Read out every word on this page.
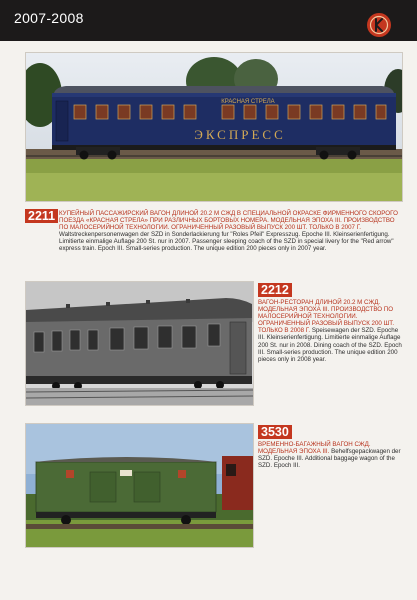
2007-2008
КРАСНАЯ СТРЕЛА
ЭКСПРЕСС
2211 КУПЕЙНЫЙ ПАССАЖИРСКИЙ ВАГОН ДЛИНОЙ 20.2 М СЖД В СПЕЦИАЛЬНОЙ ОКРАСКЕ ФИРМЕННОГО СКОРОГО ПОЕЗДА «КРАСНАЯ СТРЕЛА» ПРИ РАЗЛИЧНЫХ БОРТОВЫХ НОМЕРА. МОДЕЛЬНАЯ ЭПОХА III. ПРОИЗВОДСТВО ПО МАЛОСЕРИЙНОЙ ТЕХНОЛОГИИ. ОГРАНИЧЕННЫЙ РАЗОВЫЙ ВЫПУСК 200 ШТ. ТОЛЬКО В 2007 Г. Waltstreckenpersonenwagen der SZD in Sonderlackierung fur "Roles Pfeil" Expresszug. Epoche III. Kleinserienfertigung. Limitierte einmalige Auflage 200 St. nur in 2007. Passenger sleeping coach of the SZD in special livery for the "Red arrow" express train. Epoch III. Small-series production. The unique edition 200 pieces only in 2007 year.

2212

ВАГОН-РЕСТОРАН ДЛИНОЙ 20.2 М СЖД. МОДЕЛЬНАЯ ЭПОХА III. ПРОИЗВОДСТВО ПО МАЛОСЕРИЙНОЙ ТЕХНОЛОГИИ. ОГРАНИЧЕННЫЙ РАЗОВЫЙ ВЫПУСК 200 ШТ. ТОЛЬКО В 2008 Г. Speisewagen der SZD. Epoche III. Kleinserienfertigung. Limitierte einmalige Auflage 200 St. nur in 2008. Dining coach of the SZD. Epoch III. Small-series production. The unique edition 200 pieces only in 2008 year.

3530

ВРЕМЕННО-БАГАЖНЫЙ ВАГОН СЖД. МОДЕЛЬНАЯ ЭПОХА III. Behelfsgepackwagen der SZD. Epoche III. Additional baggage wagon of the SZD. Epoch III.
